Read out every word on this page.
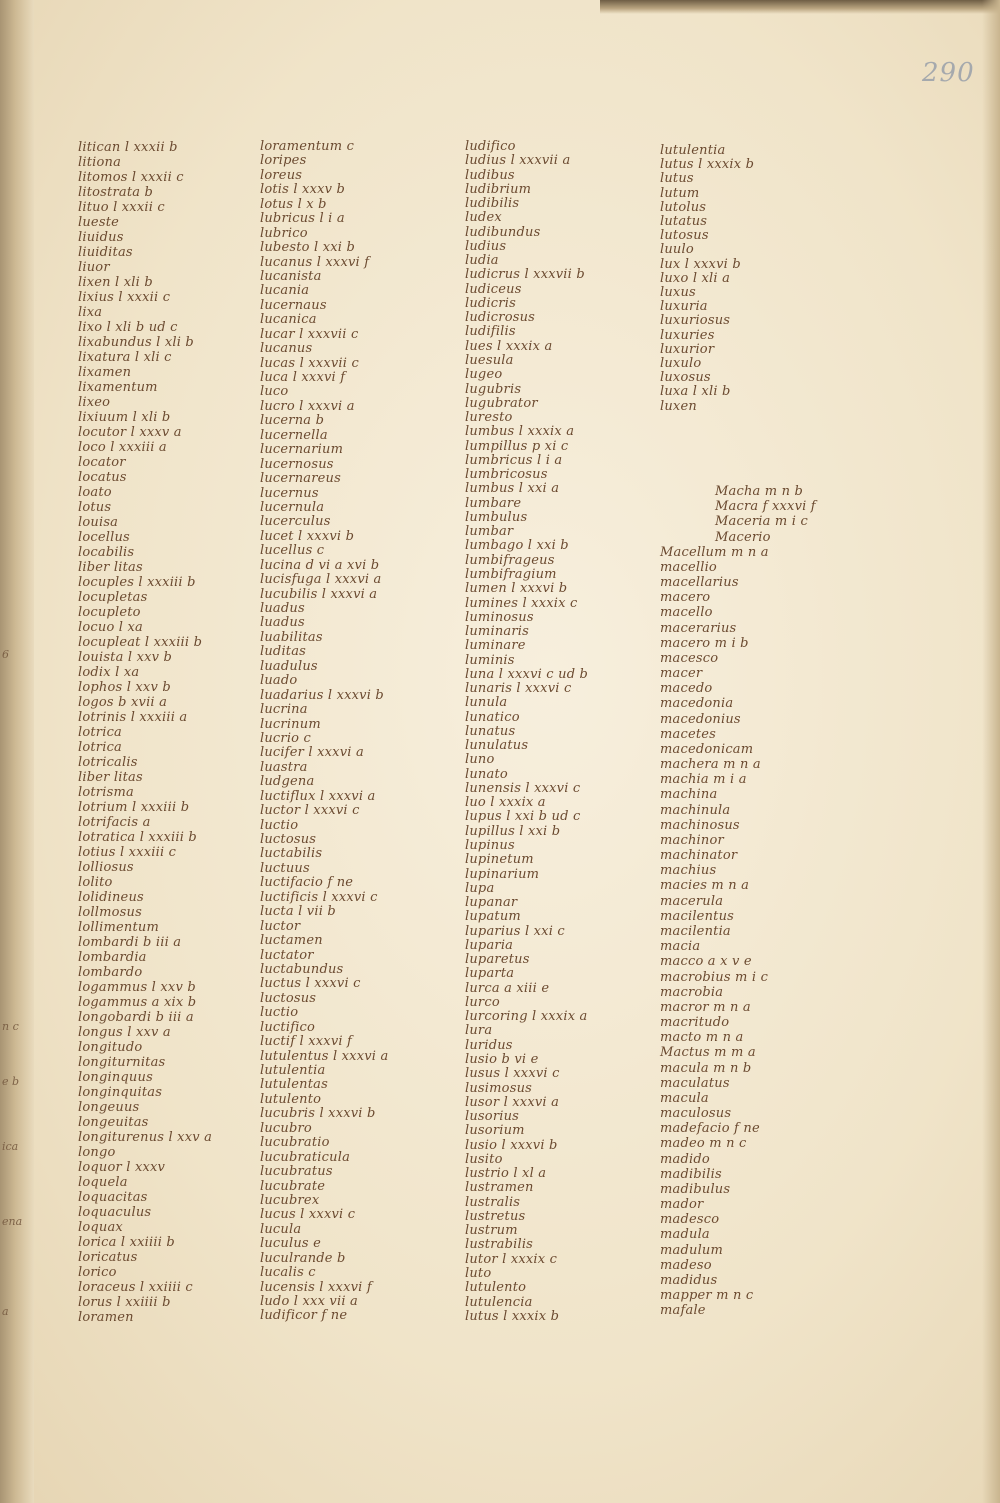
290
6
n c
e b
ica
ena
a
litican l xxxii b
litiona
litomos l xxxii c
litostrata b
lituo l xxxii c
lueste
liuidus
liuiditas
liuor
lixen l xli b
lixius l xxxii c
lixa
lixo l xli b ud c
lixabundus l xli b
lixatura l xli c
lixamen
lixamentum
lixeo
lixiuum l xli b
locutor l xxxv a
loco l xxxiii a
locator
locatus
loato
lotus
louisa
locellus
locabilis
liber litas
locuples l xxxiii b
locupletas
locupleto
locuo l xa
locupleat l xxxiii b
louista l xxv b
lodix l xa
lophos l xxv b
logos b xvii a
lotrinis l xxxiii a
lotrica
lotrica
lotricalis
liber litas
lotrisma
lotrium l xxxiii b
lotrifacis a
lotratica l xxxiii b
lotius l xxxiii c
lolliosus
lolito
lolidineus
lollmosus
lollimentum
lombardi b iii a
lombardia
lombardo
logammus l xxv b
logammus a xix b
longobardi b iii a
longus l xxv a
longitudo
longiturnitas
longinquus
longinquitas
longeuus
longeuitas
longiturenus l xxv a
longo
loquor l xxxv
loquela
loquacitas
loquaculus
loquax
lorica l xxiiii b
loricatus
lorico
loraceus l xxiiii c
lorus l xxiiii b
loramen
loramentum c
loripes
loreus
lotis l xxxv b
lotus l x b
lubricus l i a
lubrico
lubesto l xxi b
lucanus l xxxvi f
lucanista
lucania
lucernaus
lucanica
lucar l xxxvii c
lucanus
lucas l xxxvii c
luca l xxxvi f
luco
lucro l xxxvi a
lucerna b
lucernella
lucernarium
lucernosus
lucernareus
lucernus
lucernula
lucerculus
lucet l xxxvi b
lucellus c
lucina d vi a xvi b
lucisfuga l xxxvi a
lucubilis l xxxvi a
luadus
luadus
luabilitas
luditas
luadulus
luado
luadarius l xxxvi b
lucrina
lucrinum
lucrio c
lucifer l xxxvi a
luastra
ludgena
luctiflux l xxxvi a
luctor l xxxvi c
luctio
luctosus
luctabilis
luctuus
luctifacio f ne
luctificis l xxxvi c
lucta l vii b
luctor
luctamen
luctator
luctabundus
luctus l xxxvi c
luctosus
luctio
luctifico
luctif l xxxvi f
lutulentus l xxxvi a
lutulentia
lutulentas
lutulento
lucubris l xxxvi b
lucubro
lucubratio
lucubraticula
lucubratus
lucubrate
lucubrex
lucus l xxxvi c
lucula
luculus e
luculrande b
lucalis c
lucensis l xxxvi f
ludo l xxx vii a
ludificor f ne
ludifico
ludius l xxxvii a
ludibus
ludibrium
ludibilis
ludex
ludibundus
ludius
ludia
ludicrus l xxxvii b
ludiceus
ludicris
ludicrosus
ludifilis
lues l xxxix a
luesula
lugeo
lugubris
lugubrator
luresto
lumbus l xxxix a
lumpillus p xi c
lumbricus l i a
lumbricosus
lumbus l xxi a
lumbare
lumbulus
lumbar
lumbago l xxi b
lumbifrageus
lumbifragium
lumen l xxxvi b
lumines l xxxix c
luminosus
luminaris
luminare
luminis
luna l xxxvi c ud b
lunaris l xxxvi c
lunula
lunatico
lunatus
lunulatus
luno
lunato
lunensis l xxxvi c
luo l xxxix a
lupus l xxi b ud c
lupillus l xxi b
lupinus
lupinetum
lupinarium
lupa
lupanar
lupatum
luparius l xxi c
luparia
luparetus
luparta
lurca a xiii e
lurco
lurcoring l xxxix a
lura
luridus
lusio b vi e
lusus l xxxvi c
lusimosus
lusor l xxxvi a
lusorius
lusorium
lusio l xxxvi b
lusito
lustrio l xl a
lustramen
lustralis
lustretus
lustrum
lustrabilis
lutor l xxxix c
luto
lutulento
lutulencia
lutus l xxxix b
lutulentia
lutus l xxxix b
lutus
lutum
lutolus
lutatus
lutosus
luulo
lux l xxxvi b
luxo l xli a
luxus
luxuria
luxuriosus
luxuries
luxurior
luxulo
luxosus
luxa l xli b
luxen
Macha m n b
Macra f xxxvi f
Maceria m i c
Macerio
Macellum m n a
macellio
macellarius
macero
macello
macerarius
macero m i b
macesco
macer
macedo
macedonia
macedonius
macetes
macedonicam
machera m n a
machia m i a
machina
machinula
machinosus
machinor
machinator
machius
macies m n a
macerula
macilentus
macilentia
macia
macco a x v e
macrobius m i c
macrobia
macror m n a
macritudo
macto m n a
Mactus m m a
macula m n b
maculatus
macula
maculosus
madefacio f ne
madeo m n c
madido
madibilis
madibulus
mador
madesco
madula
madulum
madeso
madidus
mapper m n c
mafale
